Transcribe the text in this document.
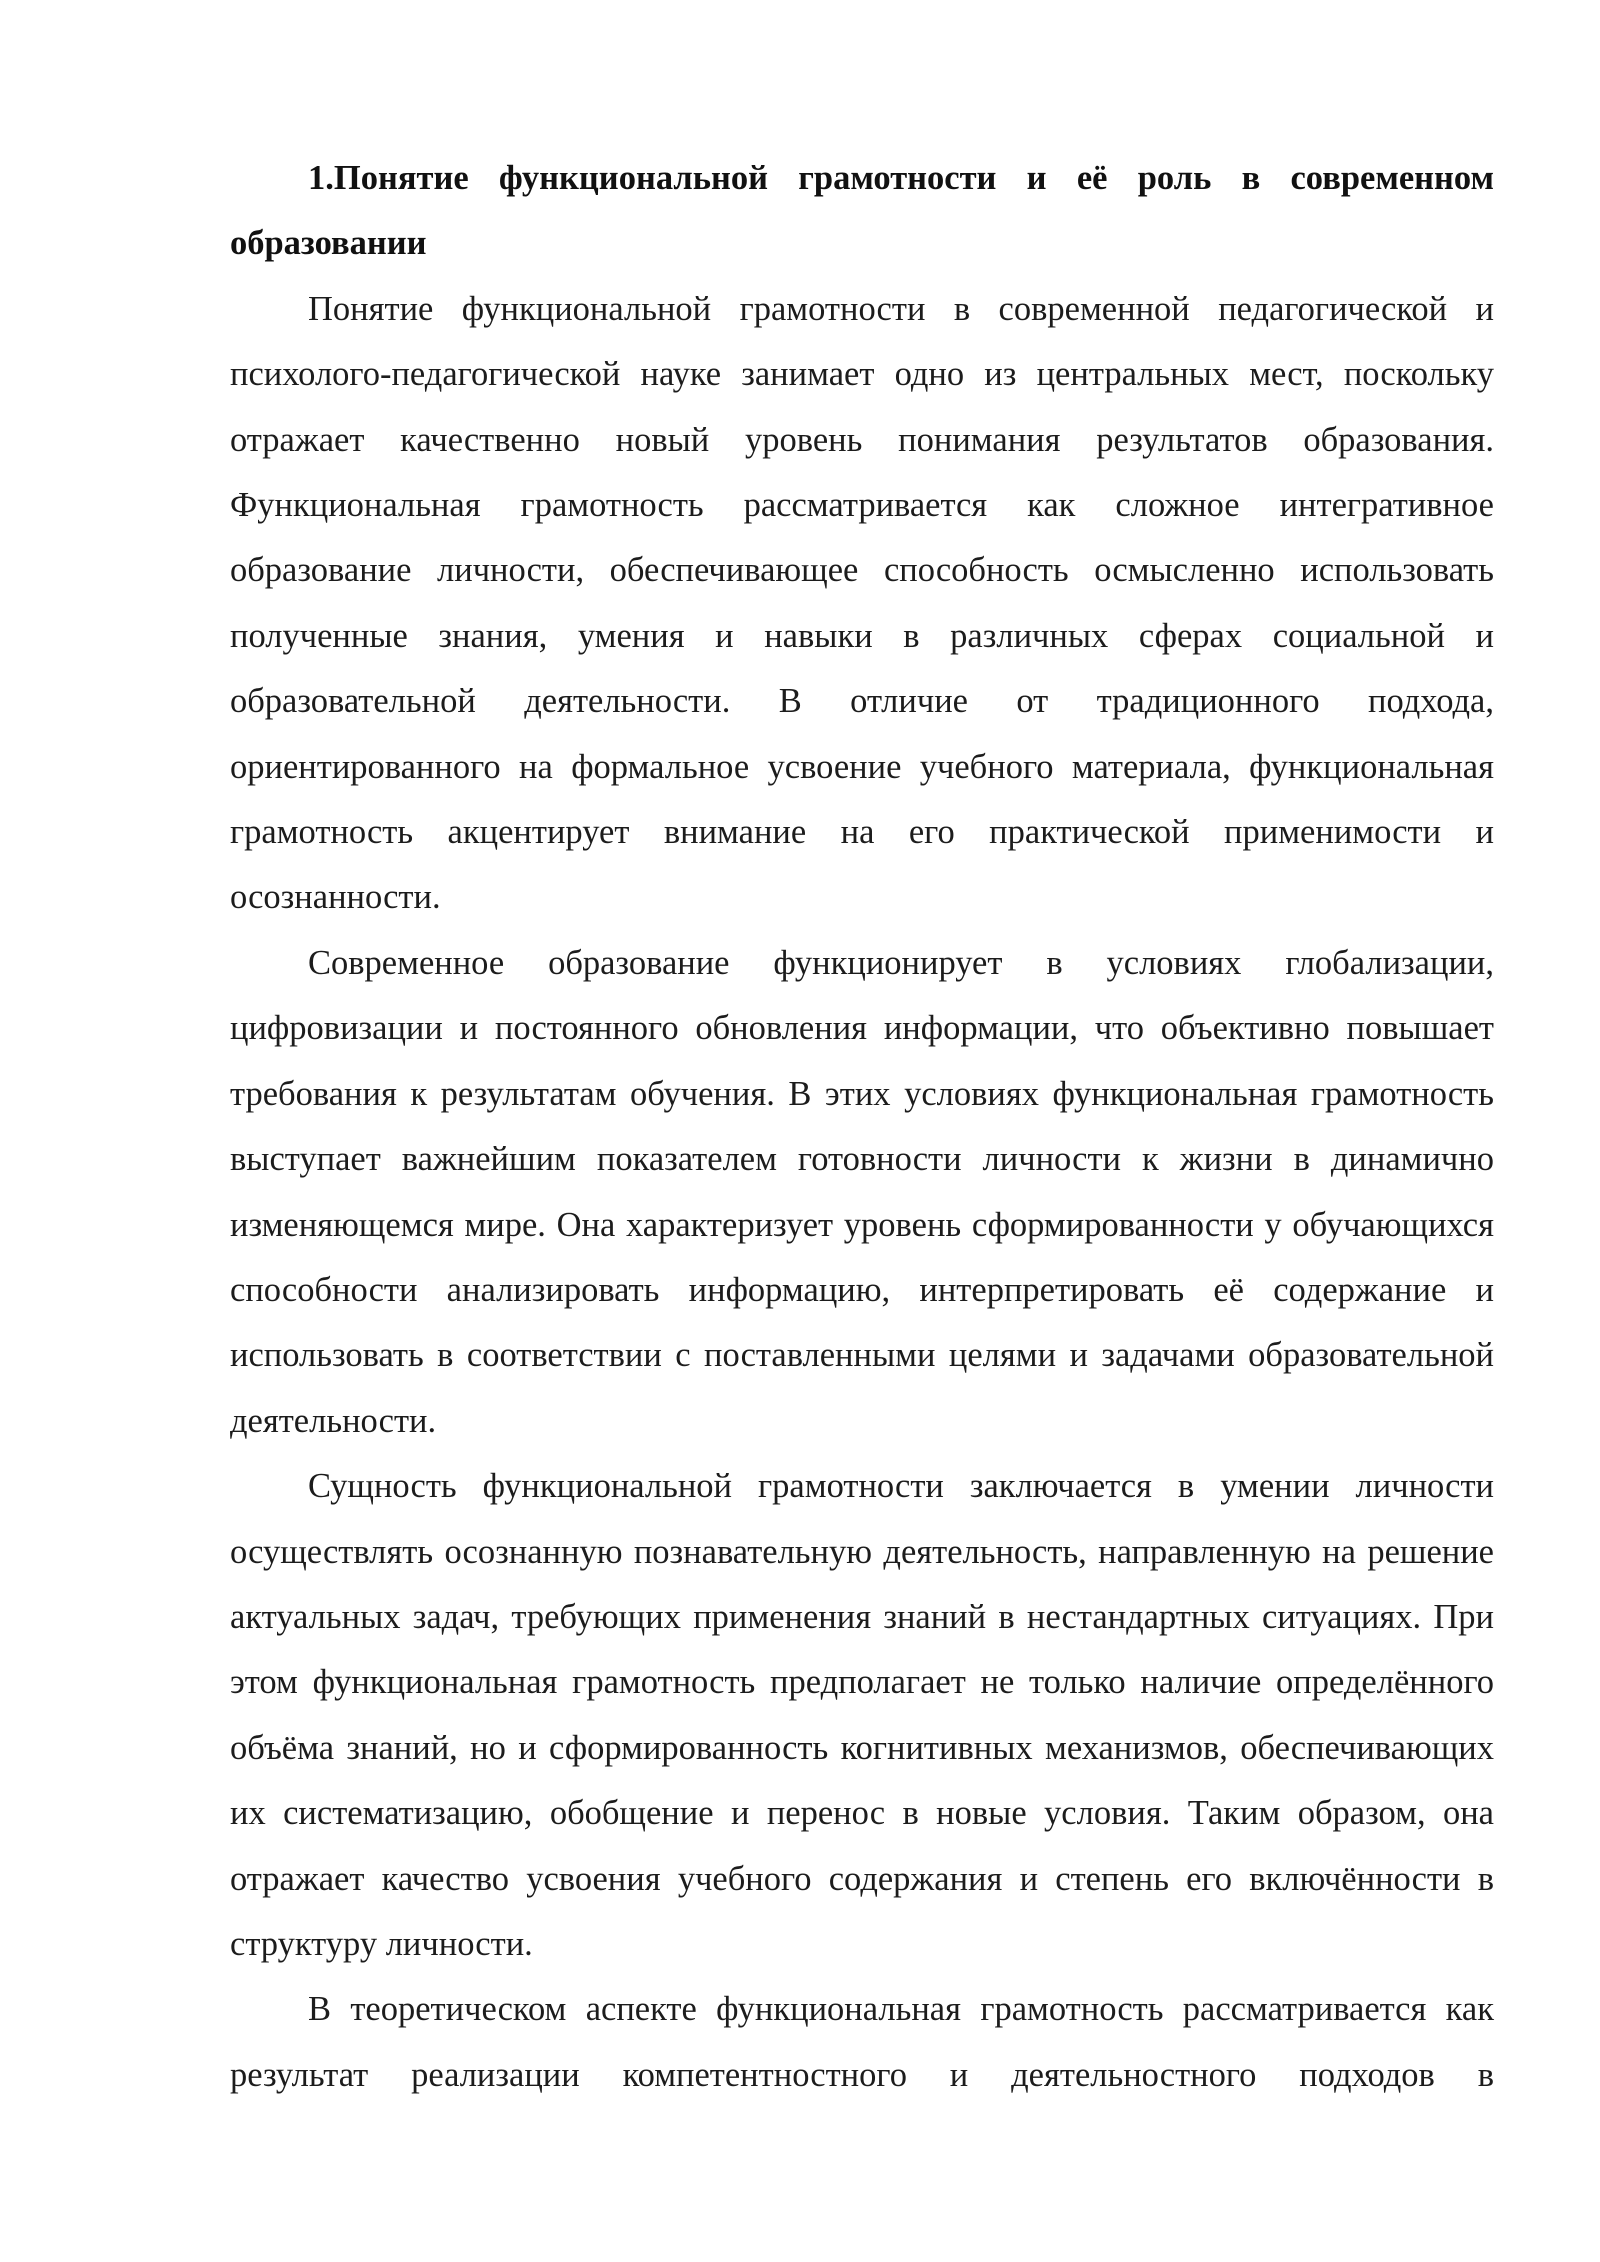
1.Понятие функциональной грамотности и её роль в современном образовании

Понятие функциональной грамотности в современной педагогической и психолого-педагогической науке занимает одно из центральных мест, поскольку отражает качественно новый уровень понимания результатов образования. Функциональная грамотность рассматривается как сложное интегративное образование личности, обеспечивающее способность осмысленно использовать полученные знания, умения и навыки в различных сферах социальной и образовательной деятельности. В отличие от традиционного подхода, ориентированного на формальное усвоение учебного материала, функциональная грамотность акцентирует внимание на его практической применимости и осознанности.

Современное образование функционирует в условиях глобализации, цифровизации и постоянного обновления информации, что объективно повышает требования к результатам обучения. В этих условиях функциональная грамотность выступает важнейшим показателем готовности личности к жизни в динамично изменяющемся мире. Она характеризует уровень сформированности у обучающихся способности анализировать информацию, интерпретировать её содержание и использовать в соответствии с поставленными целями и задачами образовательной деятельности.

Сущность функциональной грамотности заключается в умении личности осуществлять осознанную познавательную деятельность, направленную на решение актуальных задач, требующих применения знаний в нестандартных ситуациях. При этом функциональная грамотность предполагает не только наличие определённого объёма знаний, но и сформированность когнитивных механизмов, обеспечивающих их систематизацию, обобщение и перенос в новые условия. Таким образом, она отражает качество усвоения учебного содержания и степень его включённости в структуру личности.

В теоретическом аспекте функциональная грамотность рассматривается как результат реализации компетентностного и деятельностного подходов в
